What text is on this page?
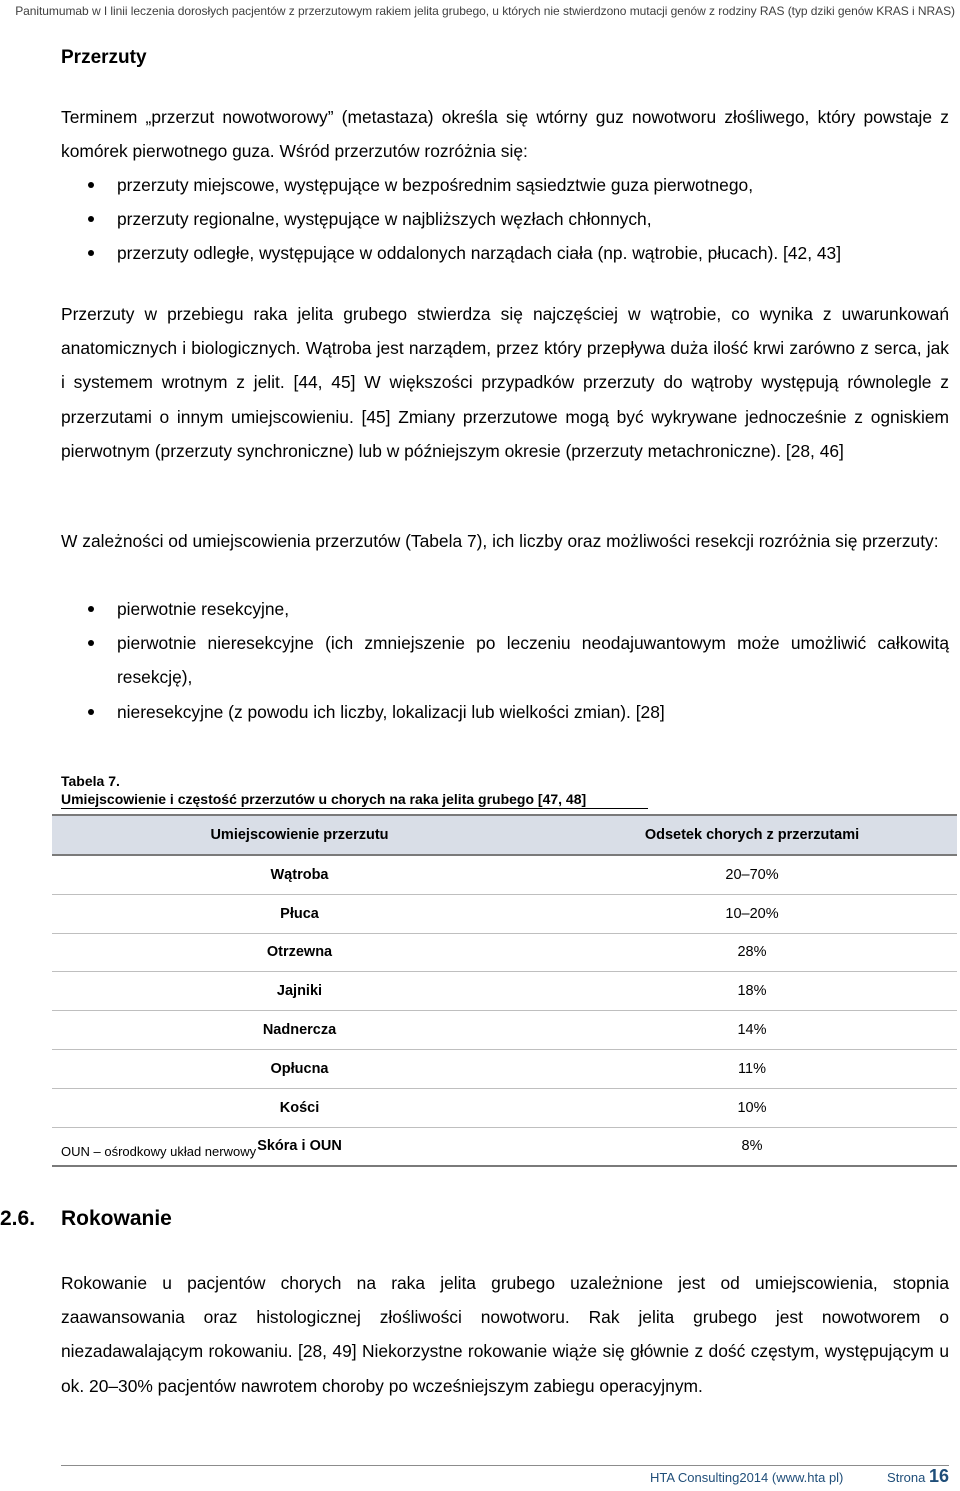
Panitumumab w I linii leczenia dorosłych pacjentów z przerzutowym rakiem jelita grubego, u których nie stwierdzono mutacji genów z rodziny RAS (typ dziki genów KRAS i NRAS)
Przerzuty
Terminem „przerzut nowotworowy” (metastaza) określa się wtórny guz nowotworu złośliwego, który powstaje z komórek pierwotnego guza. Wśród przerzutów rozróżnia się:
przerzuty miejscowe, występujące w bezpośrednim sąsiedztwie guza pierwotnego,
przerzuty regionalne, występujące w najbliższych węzłach chłonnych,
przerzuty odległe, występujące w oddalonych narządach ciała (np. wątrobie, płucach). [42, 43]
Przerzuty w przebiegu raka jelita grubego stwierdza się najczęściej w wątrobie, co wynika z uwarunkowań anatomicznych i biologicznych. Wątroba jest narządem, przez który przepływa duża ilość krwi zarówno z serca, jak i systemem wrotnym z jelit. [44, 45] W większości przypadków przerzuty do wątroby występują równolegle z przerzutami o innym umiejscowieniu. [45] Zmiany przerzutowe mogą być wykrywane jednocześnie z ogniskiem pierwotnym (przerzuty synchroniczne) lub w późniejszym okresie (przerzuty metachroniczne). [28, 46]
W zależności od umiejscowienia przerzutów (Tabela 7), ich liczby oraz możliwości resekcji rozróżnia się przerzuty:
pierwotnie resekcyjne,
pierwotnie nieresekcyjne (ich zmniejszenie po leczeniu neodajuwantowym może umożliwić całkowitą resekcję),
nieresekcyjne (z powodu ich liczby, lokalizacji lub wielkości zmian). [28]
Tabela 7.
Umiejscowienie i częstość przerzutów u chorych na raka jelita grubego [47, 48]
Umiejscowienie przerzutu	Odsetek chorych z przerzutami
Wątroba	20–70%
Płuca	10–20%
Otrzewna	28%
Jajniki	18%
Nadnercza	14%
Opłucna	11%
Kości	10%
Skóra i OUN	8%
OUN – ośrodkowy układ nerwowy
2.6. Rokowanie
Rokowanie u pacjentów chorych na raka jelita grubego uzależnione jest od umiejscowienia, stopnia zaawansowania oraz histologicznej złośliwości nowotworu. Rak jelita grubego jest nowotworem o niezadawalającym rokowaniu. [28, 49] Niekorzystne rokowanie wiąże się głównie z dość częstym, występującym u ok. 20–30% pacjentów nawrotem choroby po wcześniejszym zabiegu operacyjnym.
HTA Consulting2014 (www.hta pl)	Strona 16
